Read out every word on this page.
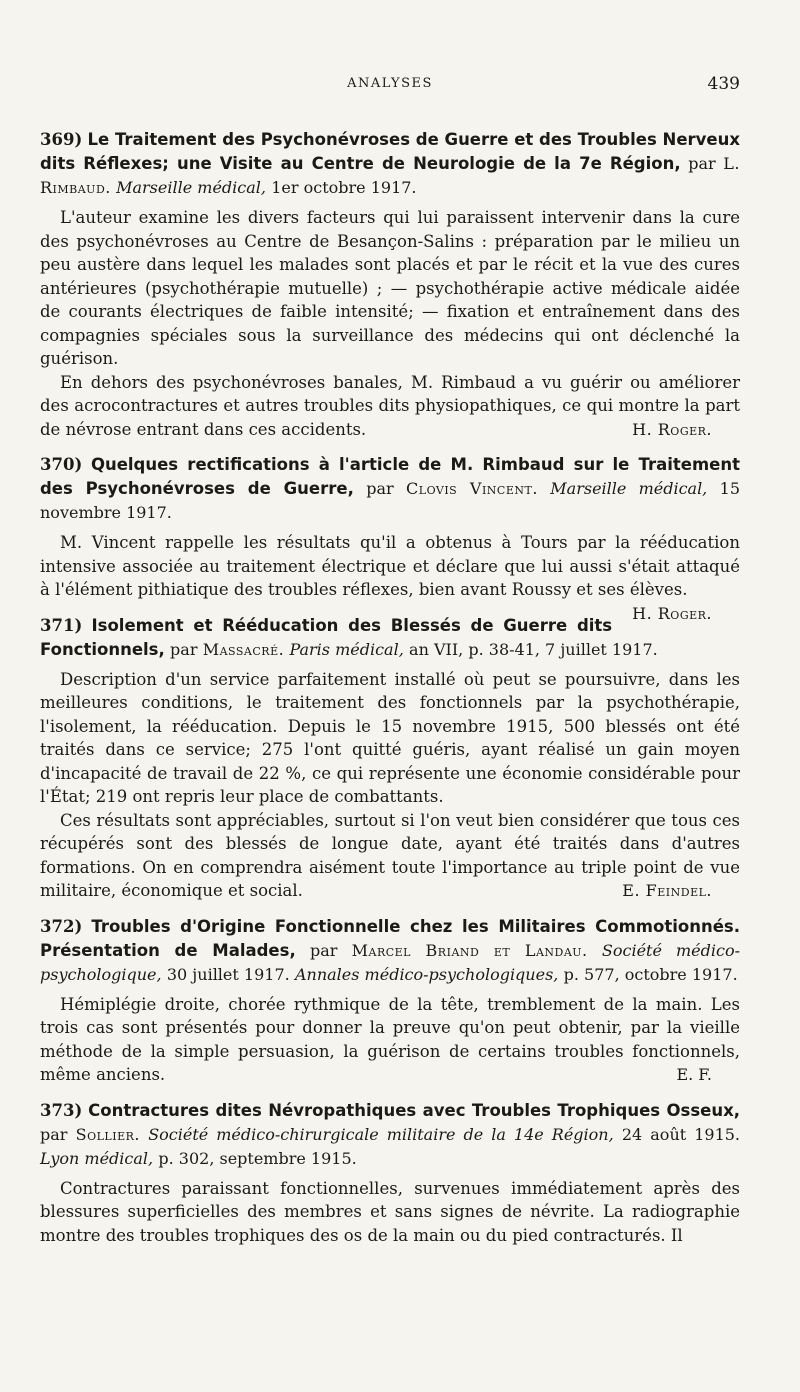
ANALYSES	439

369) Le Traitement des Psychonévroses de Guerre et des Troubles Nerveux dits Réflexes; une Visite au Centre de Neurologie de la 7e Région, par L. Rimbaud. Marseille médical, 1er octobre 1917.

L'auteur examine les divers facteurs qui lui paraissent intervenir dans la cure des psychonévroses au Centre de Besançon-Salins : préparation par le milieu un peu austère dans lequel les malades sont placés et par le récit et la vue des cures antérieures (psychothérapie mutuelle) ; — psychothérapie active médicale aidée de courants électriques de faible intensité; — fixation et entraînement dans des compagnies spéciales sous la surveillance des médecins qui ont déclenché la guérison.

En dehors des psychonévroses banales, M. Rimbaud a vu guérir ou améliorer des acrocontractures et autres troubles dits physiopathiques, ce qui montre la part de névrose entrant dans ces accidents.	H. Roger.

370) Quelques rectifications à l'article de M. Rimbaud sur le Traitement des Psychonévroses de Guerre, par Clovis Vincent. Marseille médical, 15 novembre 1917.

M. Vincent rappelle les résultats qu'il a obtenus à Tours par la rééducation intensive associée au traitement électrique et déclare que lui aussi s'était attaqué à l'élément pithiatique des troubles réflexes, bien avant Roussy et ses élèves.
H. Roger.

371) Isolement et Rééducation des Blessés de Guerre dits Fonctionnels, par Massacré. Paris médical, an VII, p. 38-41, 7 juillet 1917.

Description d'un service parfaitement installé où peut se poursuivre, dans les meilleures conditions, le traitement des fonctionnels par la psychothérapie, l'isolement, la rééducation. Depuis le 15 novembre 1915, 500 blessés ont été traités dans ce service; 275 l'ont quitté guéris, ayant réalisé un gain moyen d'incapacité de travail de 22 %, ce qui représente une économie considérable pour l'État; 219 ont repris leur place de combattants.

Ces résultats sont appréciables, surtout si l'on veut bien considérer que tous ces récupérés sont des blessés de longue date, ayant été traités dans d'autres formations. On en comprendra aisément toute l'importance au triple point de vue militaire, économique et social.	E. Feindel.

372) Troubles d'Origine Fonctionnelle chez les Militaires Commotionnés. Présentation de Malades, par Marcel Briand et Landau. Société médico-psychologique, 30 juillet 1917. Annales médico-psychologiques, p. 577, octobre 1917.

Hémiplégie droite, chorée rythmique de la tête, tremblement de la main. Les trois cas sont présentés pour donner la preuve qu'on peut obtenir, par la vieille méthode de la simple persuasion, la guérison de certains troubles fonctionnels, même anciens.	E. F.

373) Contractures dites Névropathiques avec Troubles Trophiques Osseux, par Sollier. Société médico-chirurgicale militaire de la 14e Région, 24 août 1915. Lyon médical, p. 302, septembre 1915.

Contractures paraissant fonctionnelles, survenues immédiatement après des blessures superficielles des membres et sans signes de névrite. La radiographie montre des troubles trophiques des os de la main ou du pied contracturés. Il
